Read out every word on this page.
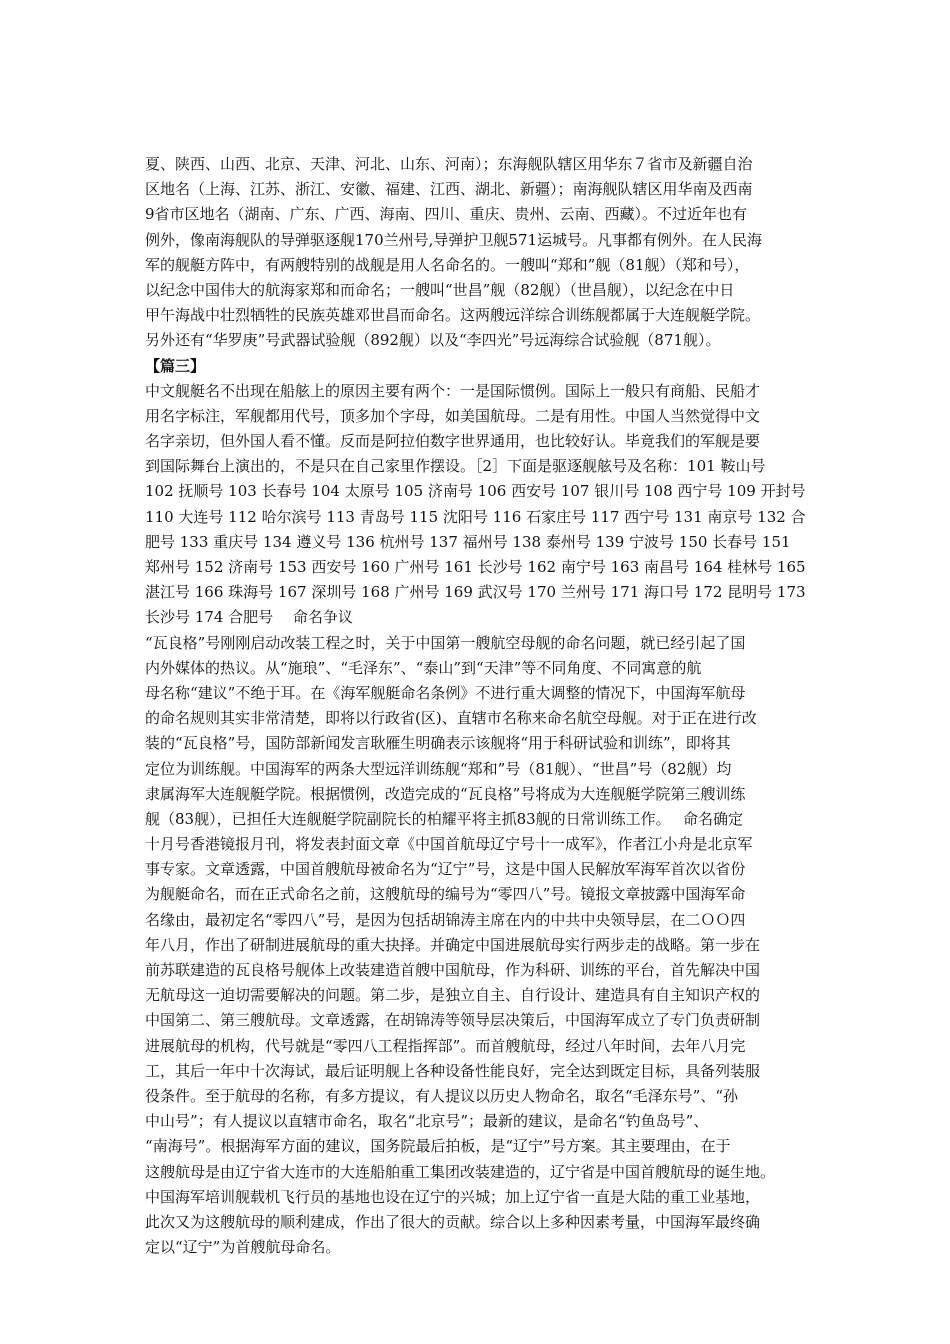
夏、陕西、山西、北京、天津、河北、山东、河南）；东海舰队辖区用华东７省市及新疆自治
区地名（上海、江苏、浙江、安徽、福建、江西、湖北、新疆）；南海舰队辖区用华南及西南
9省市区地名（湖南、广东、广西、海南、四川、重庆、贵州、云南、西藏）。不过近年也有
例外，像南海舰队的导弹驱逐舰170兰州号,导弹护卫舰571运城号。凡事都有例外。在人民海
军的舰艇方阵中，有两艘特别的战舰是用人名命名的。一艘叫“郑和”舰（81舰）（郑和号），
以纪念中国伟大的航海家郑和而命名；一艘叫“世昌”舰（82舰）（世昌舰），以纪念在中日
甲午海战中壮烈牺牲的民族英雄邓世昌而命名。这两艘远洋综合训练舰都属于大连舰艇学院。
另外还有“华罗庚”号武器试验舰（892舰）以及“李四光”号远海综合试验舰（871舰）。
【篇三】
中文舰艇名不出现在船舷上的原因主要有两个：一是国际惯例。国际上一般只有商船、民船才
用名字标注，军舰都用代号，顶多加个字母，如美国航母。二是有用性。中国人当然觉得中文
名字亲切，但外国人看不懂。反而是阿拉伯数字世界通用，也比较好认。毕竟我们的军舰是要
到国际舞台上演出的，不是只在自己家里作摆设。［2］下面是驱逐舰舷号及名称：101 鞍山号
102 抚顺号 103 长春号 104 太原号 105 济南号 106 西安号 107 银川号 108 西宁号 109 开封号
110 大连号 112 哈尔滨号 113 青岛号 115 沈阳号 116 石家庄号 117 西宁号 131 南京号 132 合
肥号 133 重庆号 134 遵义号 136 杭州号 137 福州号 138 泰州号 139 宁波号 150 长春号 151
郑州号 152 济南号 153 西安号 160 广州号 161 长沙号 162 南宁号 163 南昌号 164 桂林号 165
湛江号 166 珠海号 167 深圳号 168 广州号 169 武汉号 170 兰州号 171 海口号 172 昆明号 173
长沙号 174 合肥号　 命名争议
“瓦良格”号刚刚启动改装工程之时，关于中国第一艘航空母舰的命名问题，就已经引起了国
内外媒体的热议。从“施琅”、“毛泽东”、“泰山”到“天津”等不同角度、不同寓意的航
母名称“建议”不绝于耳。在《海军舰艇命名条例》不进行重大调整的情况下，中国海军航母
的命名规则其实非常清楚，即将以行政省(区)、直辖市名称来命名航空母舰。对于正在进行改
装的“瓦良格”号，国防部新闻发言耿雁生明确表示该舰将“用于科研试验和训练”，即将其
定位为训练舰。中国海军的两条大型远洋训练舰“郑和”号（81舰）、“世昌”号（82舰）均
隶属海军大连舰艇学院。根据惯例，改造完成的“瓦良格”号将成为大连舰艇学院第三艘训练
舰（83舰），已担任大连舰艇学院副院长的柏耀平将主抓83舰的日常训练工作。　 命名确定
十月号香港镜报月刊，将发表封面文章《中国首航母辽宁号十一成军》，作者江小舟是北京军
事专家。文章透露，中国首艘航母被命名为“辽宁”号，这是中国人民解放军海军首次以省份
为舰艇命名，而在正式命名之前，这艘航母的编号为“零四八”号。镜报文章披露中国海军命
名缘由，最初定名“零四八”号，是因为包括胡锦涛主席在内的中共中央领导层，在二ＯＯ四
年八月，作出了研制进展航母的重大抉择。并确定中国进展航母实行两步走的战略。第一步在
前苏联建造的瓦良格号舰体上改装建造首艘中国航母，作为科研、训练的平台，首先解决中国
无航母这一迫切需要解决的问题。第二步，是独立自主、自行设计、建造具有自主知识产权的
中国第二、第三艘航母。文章透露，在胡锦涛等领导层决策后，中国海军成立了专门负责研制
进展航母的机构，代号就是“零四八工程指挥部”。而首艘航母，经过八年时间，去年八月完
工，其后一年中十次海试，最后证明舰上各种设备性能良好，完全达到既定目标，具备列装服
役条件。至于航母的名称，有多方提议，有人提议以历史人物命名，取名“毛泽东号”、“孙
中山号”；有人提议以直辖市命名，取名“北京号”；最新的建议，是命名“钓鱼岛号”、
“南海号”。根据海军方面的建议，国务院最后拍板，是“辽宁”号方案。其主要理由，在于
这艘航母是由辽宁省大连市的大连船舶重工集团改装建造的，辽宁省是中国首艘航母的诞生地。
中国海军培训舰载机飞行员的基地也设在辽宁的兴城；加上辽宁省一直是大陆的重工业基地，
此次又为这艘航母的顺利建成，作出了很大的贡献。综合以上多种因素考量，中国海军最终确
定以“辽宁”为首艘航母命名。
